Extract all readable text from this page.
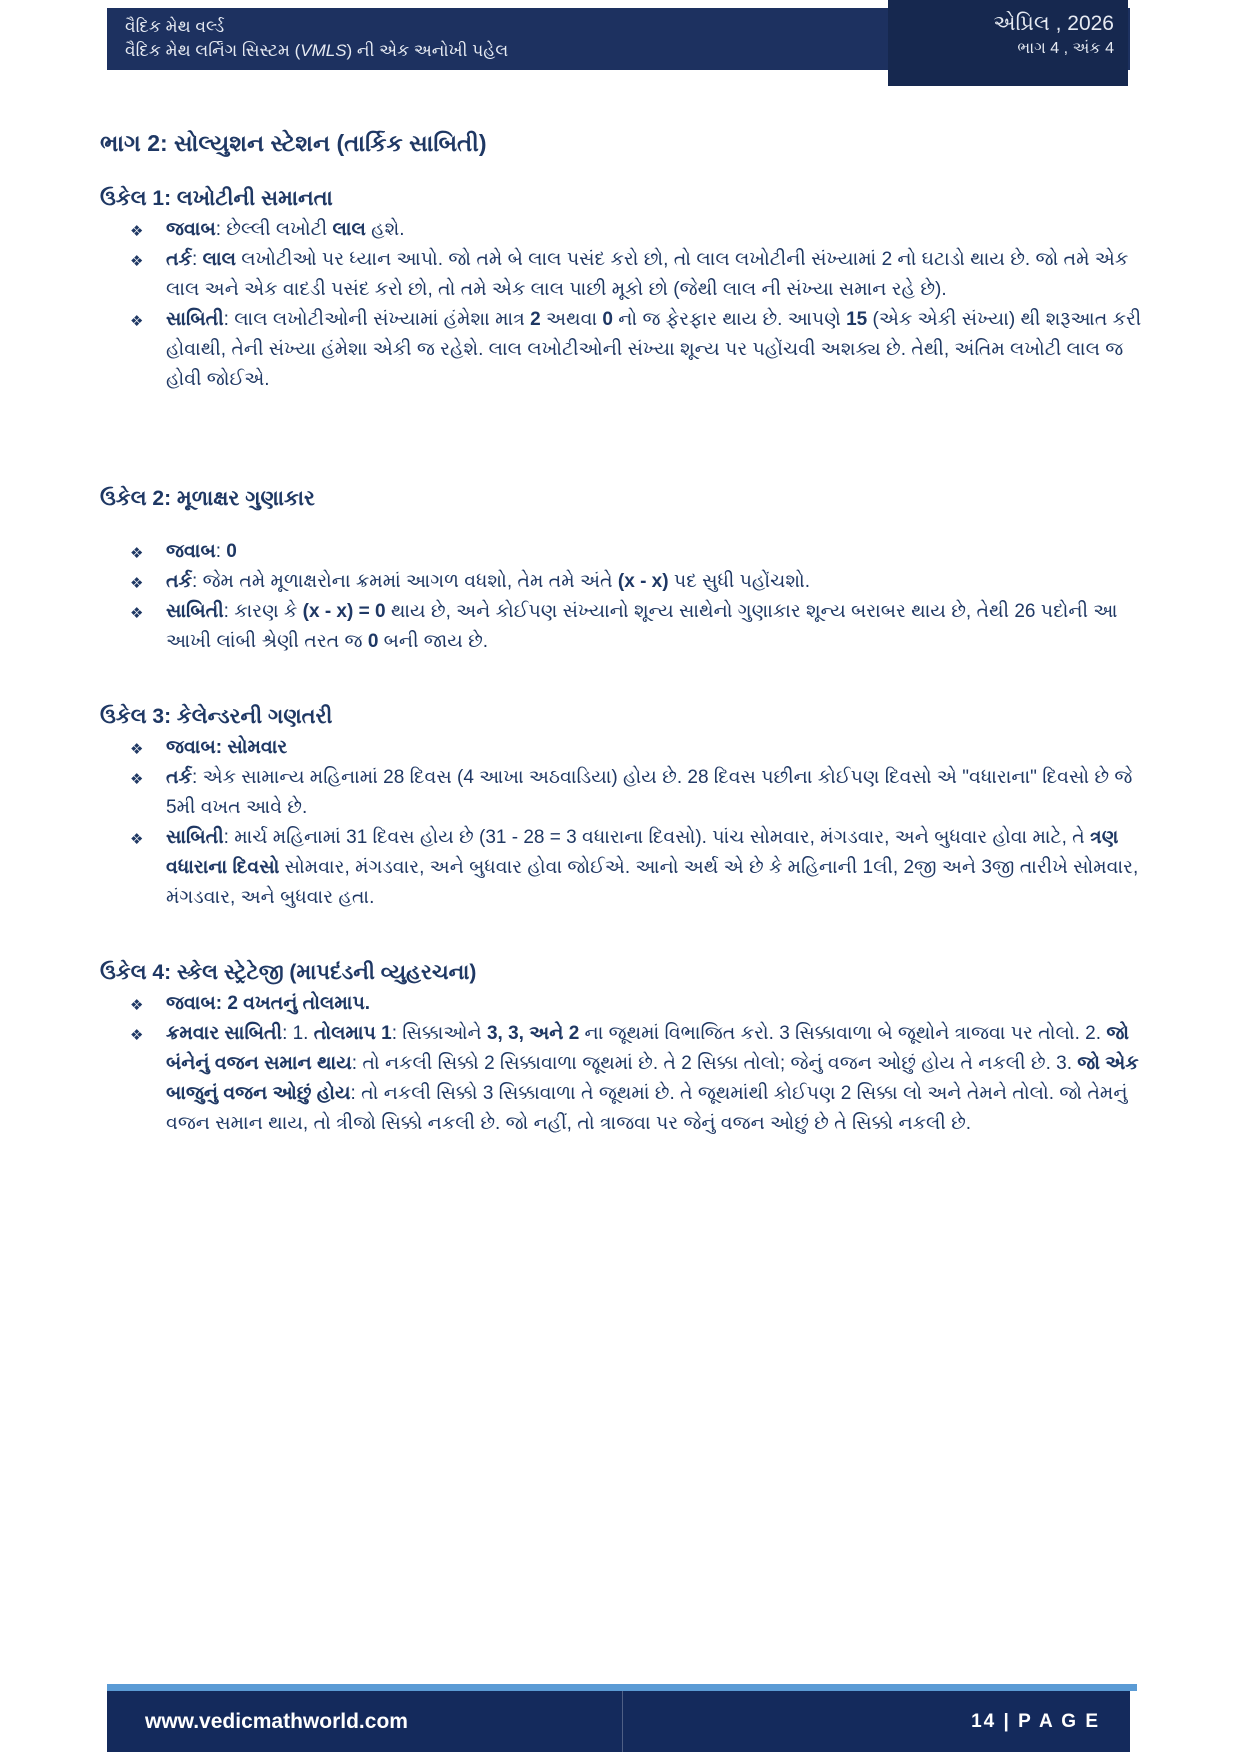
વૈદિક મેથ વર્લ્ડ
વૈદિક મેથ લર્નિંગ સિસ્ટમ (VMLS) ની એક અનોખી પહેલ
એપ્રિલ , 2026
ભાગ 4 , અંક 4
ભાગ 2: સોલ્યુશન સ્ટેશન (તાર્કિક સાબિતી)
ઉકેલ 1: લખોટીની સમાનતા
❖ જવાબ: છેલ્લી લખોટી લાલ હશે.
❖ તર્ક: લાલ લખોટીઓ પર ધ્યાન આપો. જો તમે બે લાલ પસંદ કરો છો, તો લાલ લખોટીની સંખ્યામાં 2 નો ઘટાડો થાય છે. જો તમે એક લાલ અને એક વાદડી પસંદ કરો છો, તો તમે એક લાલ પાછી મૂકો છો (જેથી લાલ ની સંખ્યા સમાન રહે છે).
❖ સાબિતી: લાલ લખોટીઓની સંખ્યામાં હંમેશા માત્ર 2 અથવા 0 નો જ ફેરફાર થાય છે. આપણે 15 (એક એકી સંખ્યા) થી શરૂઆત કરી હોવાથી, તેની સંખ્યા હંમેશા એકી જ રહેશે. લાલ લખોટીઓની સંખ્યા શૂન્ય પર પહોંચવી અશક્ય છે. તેથી, અંતિમ લખોટી લાલ જ હોવી જોઈએ.
ઉકેલ 2: મૂળાક્ષર ગુણાકાર
❖ જવાબ: 0
❖ તર્ક: જેમ તમે મૂળાક્ષરોના ક્રમમાં આગળ વધશો, તેમ તમે અંતે (x - x) પદ સુધી પહોંચશો.
❖ સાબિતી: કારણ કે (x - x) = 0 થાય છે, અને કોઈપણ સંખ્યાનો શૂન્ય સાથેનો ગુણાકાર શૂન્ય બરાબર થાય છે, તેથી 26 પદોની આ આખી લાંબી શ્રેણી તરત જ 0 બની જાય છે.
ઉકેલ 3: કેલેન્ડરની ગણતરી
❖ જવાબ: સોમવાર
❖ તર્ક: એક સામાન્ય મહિનામાં 28 દિવસ (4 આખા અઠવાડિયા) હોય છે. 28 દિવસ પછીના કોઈપણ દિવસો એ "વધારાના" દિવસો છે જે 5મી વખત આવે છે.
❖ સાબિતી: માર્ચ મહિનામાં 31 દિવસ હોય છે (31 - 28 = 3 વધારાના દિવસો). પાંચ સોમવાર, મંગડવાર, અને બુધવાર હોવા માટે, તે ત્રણ વધારાના દિવસો સોમવાર, મંગડવાર, અને બુધવાર હોવા જોઈએ. આનો અર્થ એ છે કે મહિનાની 1લી, 2જી અને 3જી તારીખે સોમવાર, મંગડવાર, અને બુધવાર હતા.
ઉકેલ 4: સ્કેલ સ્ટ્રેટેજી (માપદંડની વ્યુહરચના)
❖ જવાબ: 2 વખતનું તોલમાપ.
❖ ક્રમવાર સાબિતી: 1. તોલમાપ 1: સિક્કાઓને 3, 3, અને 2 ના જૂથમાં વિભાજિત કરો. 3 સિક્કાવાળા બે જૂથોને ત્રાજવા પર તોલો. 2. જો બંનેનું વજન સમાન થાય: તો નકલી સિક્કો 2 સિક્કાવાળા જૂથમાં છે. તે 2 સિક્કા તોલો; જેનું વજન ઓછું હોય તે નકલી છે. 3. જો એક બાજુનું વજન ઓછું હોય: તો નકલી સિક્કો 3 સિક્કાવાળા તે જૂથમાં છે. તે જૂથમાંથી કોઈપણ 2 સિક્કા લો અને તેમને તોલો. જો તેમનું વજન સમાન થાય, તો ત્રીજો સિક્કો નકલી છે. જો નહીં, તો ત્રાજવા પર જેનું વજન ઓછું છે તે સિક્કો નકલી છે.
www.vedicmathworld.com	14 | P A G E
